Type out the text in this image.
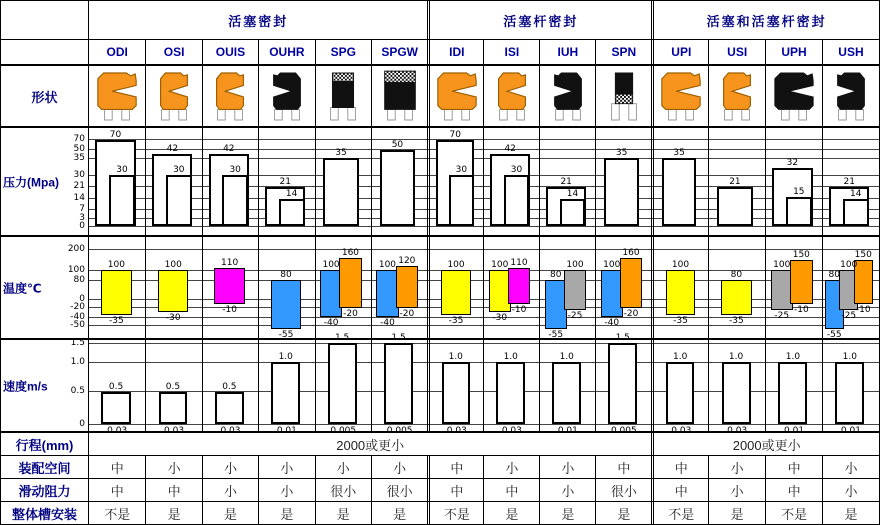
活塞密封	活塞杆密封	活塞和活塞杆密封
ODI	OSI	OUIS	OUHR	SPG	SPGW	IDI	ISI	IUH	SPN	UPI	USI	UPH	USH
形状
压力(Mpa)
70
50
35
30
21
14
7
3
0
70
30
42
30
42
30
21
14
35
50
70
30
42
30
21
14
35	35
21
32
15
21
14
温度℃
200
100
80
0
-20
-40
-50
100
-35
100
-30
110
-10
80
-55
100
-40
160
-20
100
-40
120
-20
100
-35
100
-30
110
-10
80
-55
100
-25
100
-40
160
-20
100
-35
80
-35
100
-25
150
-10
80
-55
100
-25
150
-10
速度m/s
1.5
1.0
0.5
0
0.5
0.03
0.5
0.03
0.5
0.03
1.0
0.01
1.5
0.005
1.5
0.005
1.0
0.03
1.0
0.03
1.0
0.01
1.5
0.005
1.0
0.03
1.0
0.03
1.0
0.01
1.0
0.01
行程(mm)	2000或更小	2000或更小
装配空间	中	小	小	小	小	小	中	小	小	中	中	小	中	小
滑动阻力	中	中	小	小	很小	很小	中	中	小	很小	中	小	中	小
整体槽安装	不是	是	是	是	是	是	不是	是	是	是	不是	是	不是	是
